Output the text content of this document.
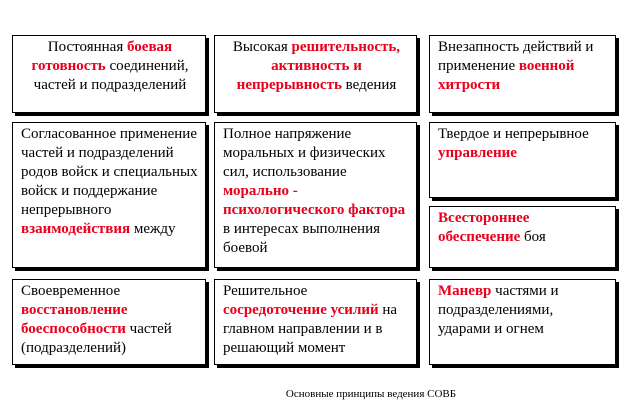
Постоянная боевая готовность соединений, частей и подразделений
Высокая решительность, активность и непрерывность ведения
Внезапность действий и применение военной хитрости
Согласованное применение частей и подразделений родов войск и специальных войск и поддержание непрерывного взаимодействия между
Полное напряжение моральных и физических сил, использование морально - психологического фактора в интересах выполнения боевой
Твердое и непрерывное управление
Всестороннее обеспечение боя
Своевременное восстановление боеспособности частей (подразделений)
Решительное сосредоточение усилий на главном направлении и в решающий момент
Маневр частями и подразделениями, ударами и огнем
Основные принципы ведения СОВБ
